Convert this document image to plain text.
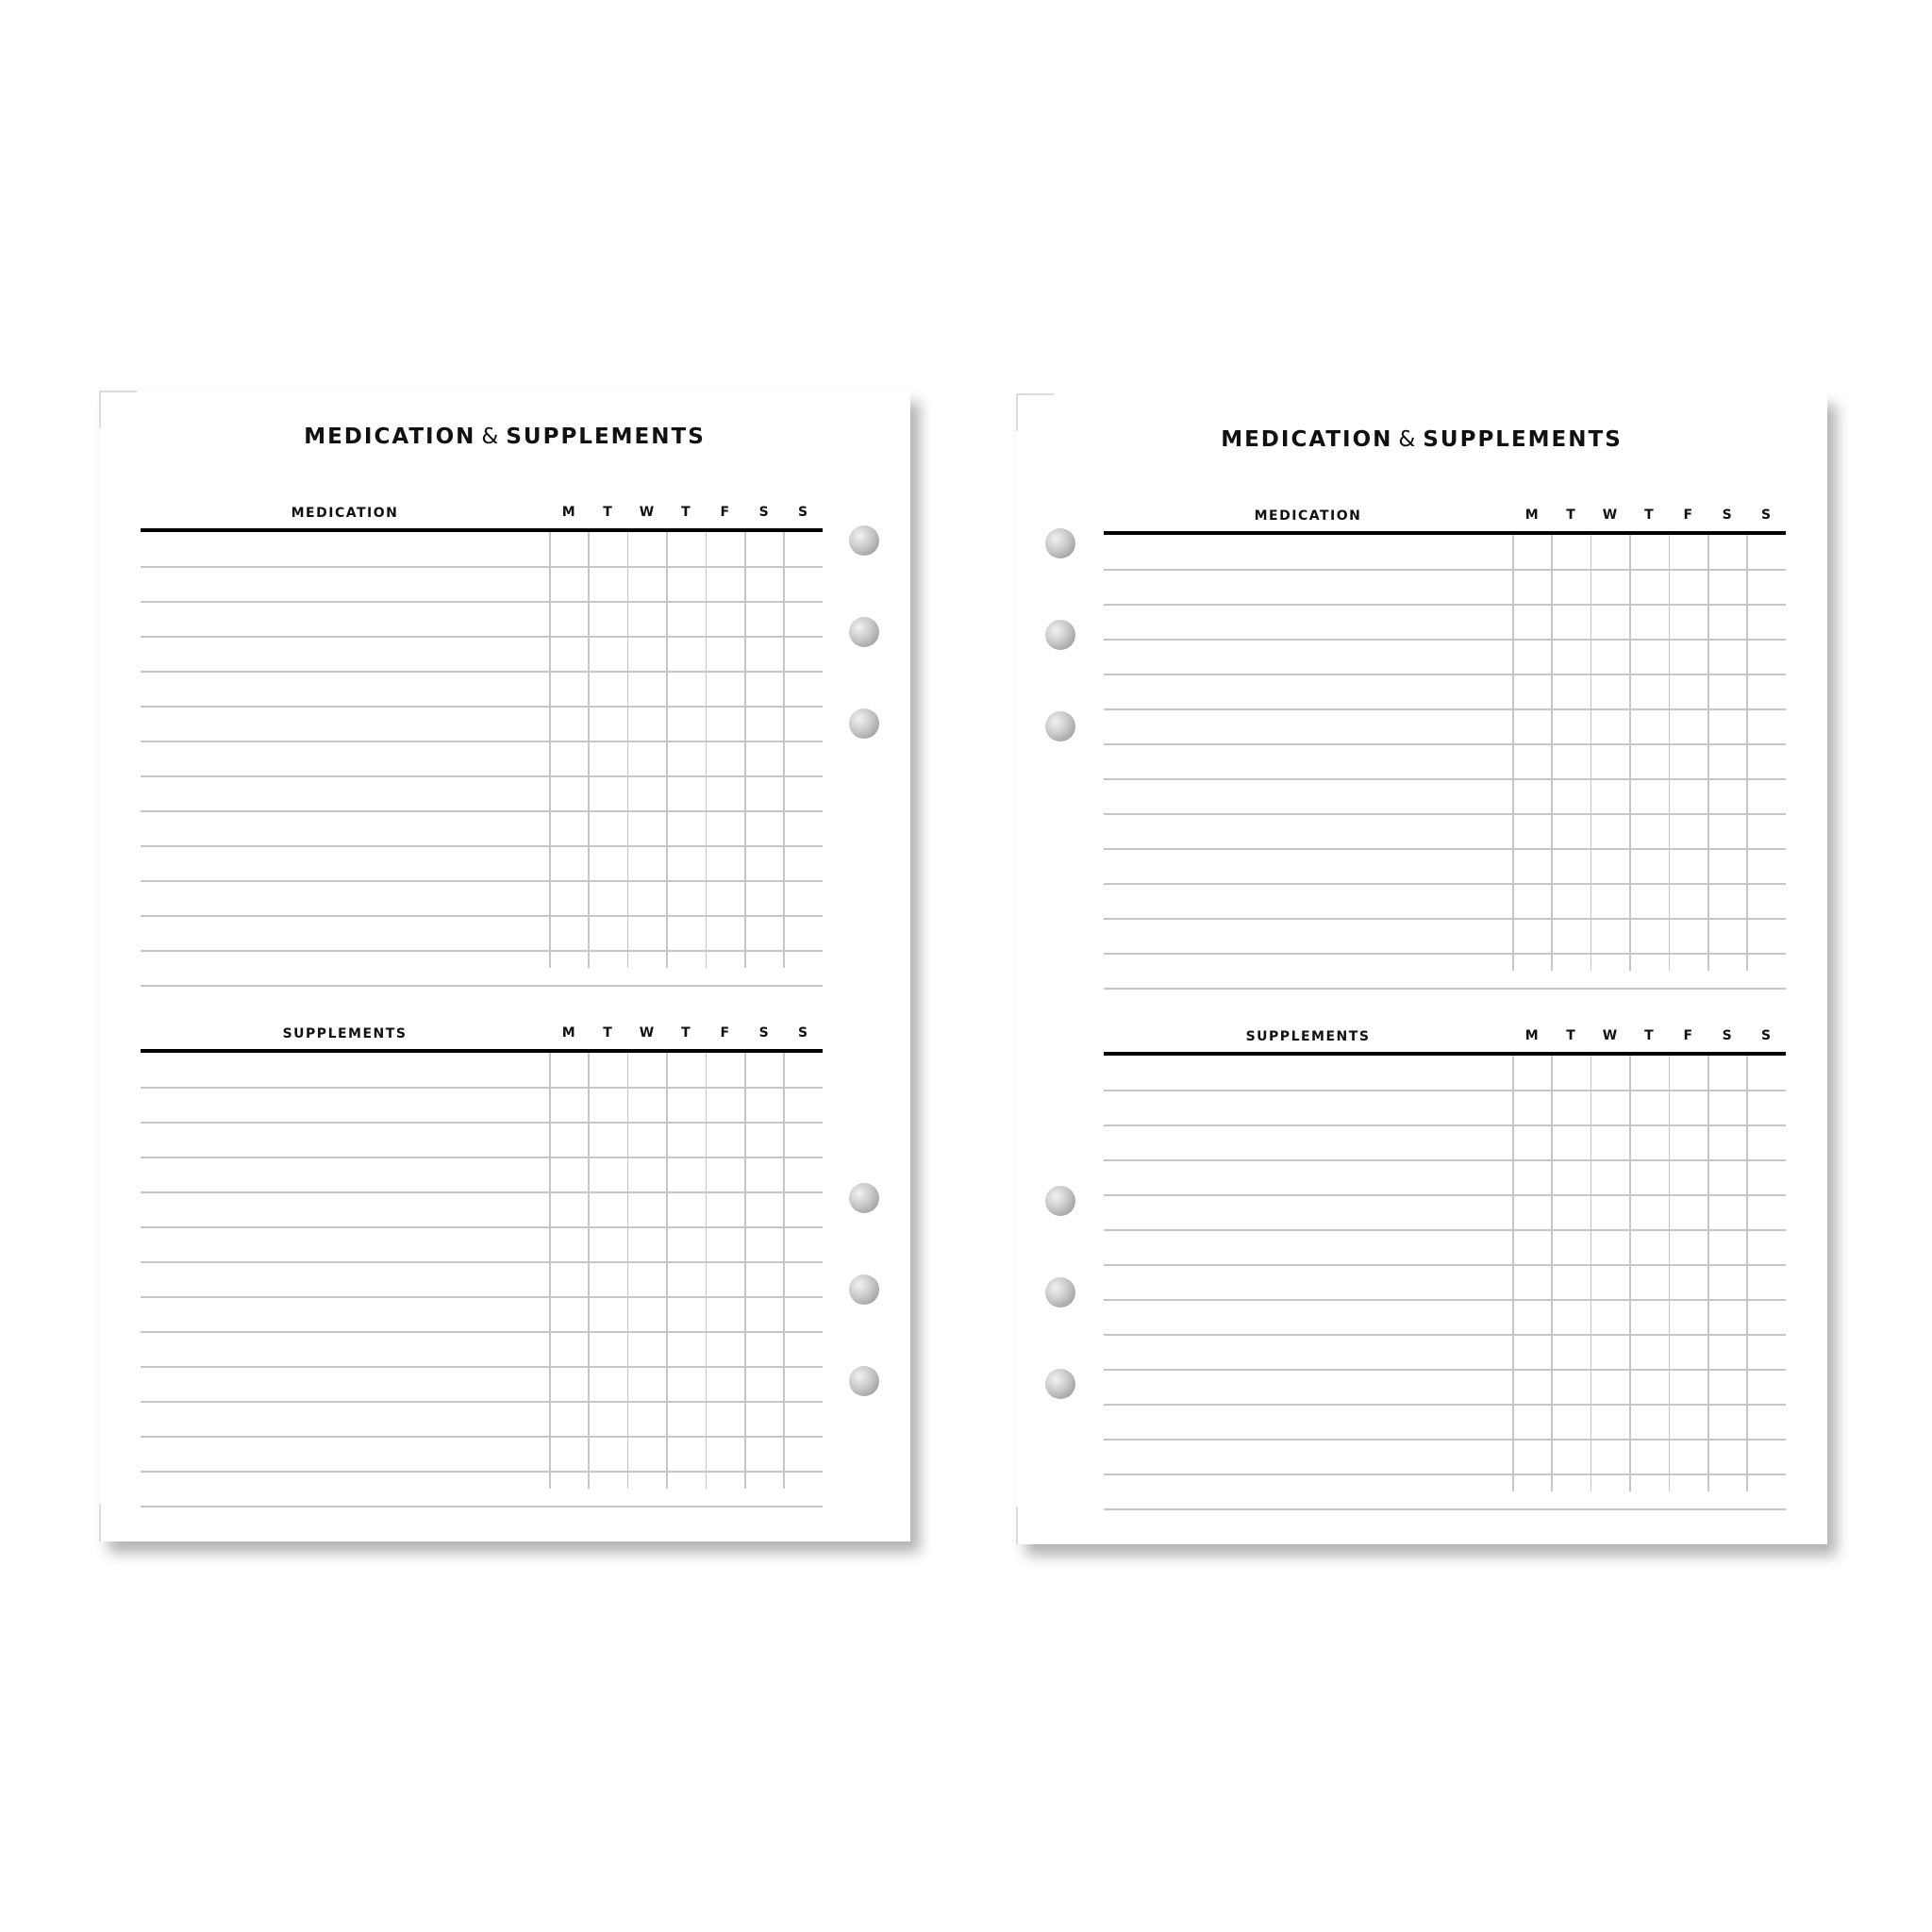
MEDICATION & SUPPLEMENTS
MEDICATION	M	T	W	T	F	S	S
SUPPLEMENTS	M	T	W	T	F	S	S
MEDICATION & SUPPLEMENTS
MEDICATION	M	T	W	T	F	S	S
SUPPLEMENTS	M	T	W	T	F	S	S
